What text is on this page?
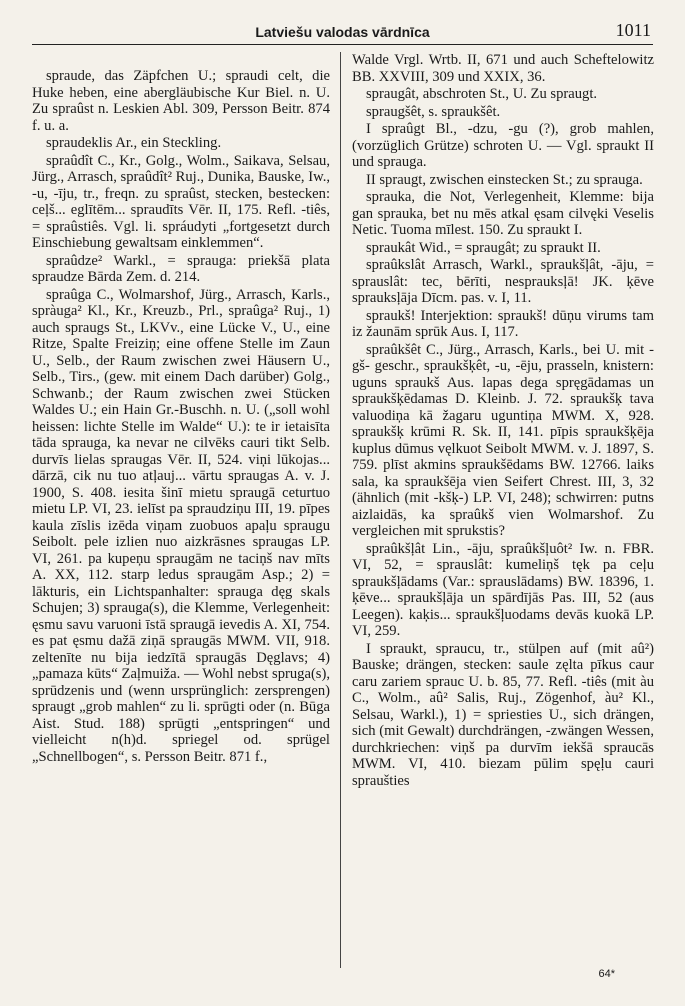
Latviešu valodas vārdnīca	1011

spraude, das Zäpfchen U.; spraudi celt, die Huke heben, eine abergläubische Kur Biel. n. U. Zu spraûst n. Leskien Abl. 309, Persson Beitr. 874 f. u. a.

spraudeklis Ar., ein Steckling.

spraûdît C., Kr., Golg., Wolm., Saikava, Selsau, Jürg., Arrasch, spraûdît² Ruj., Dunika, Bauske, Iw., -u, -īju, tr., freqn. zu spraûst, stecken, bestecken: ceļš... eglītēm... spraudīts Vēr. II, 175. Refl. -tiês, = spraûstiês. Vgl. li. spráudyti „fortgesetzt durch Einschiebung gewaltsam einklemmen“.

spraûdze² Warkl., = sprauga: priekšā plata spraudze Bārda Zem. d. 214.

spraûga C., Wolmarshof, Jürg., Arrasch, Karls., spràuga² Kl., Kr., Kreuzb., Prl., spraûga² Ruj., 1) auch spraugs St., LKVv., eine Lücke V., U., eine Ritze, Spalte Freiziņ; eine offene Stelle im Zaun U., Selb., der Raum zwischen zwei Häusern U., Selb., Tirs., (gew. mit einem Dach darüber) Golg., Schwanb.; der Raum zwischen zwei Stücken Waldes U.; ein Hain Gr.-Buschh. n. U. („soll wohl heissen: lichte Stelle im Walde“ U.): te ir ietaisīta tāda sprauga, ka nevar ne cilvēks cauri tikt Selb. durvīs lielas spraugas Vēr. II, 524. viņi lūkojas... dārzā, cik nu tuo atļauj... vārtu spraugas A. v. J. 1900, S. 408. iesita šinī mietu spraugā ceturtuo mietu LP. VI, 23. ielīst pa spraudziņu III, 19. pīpes kaula zīslis izēda viņam zuobuos apaļu spraugu Seibolt. pele izlien nuo aizkrāsnes spraugas LP. VI, 261. pa kupeņu spraugām ne taciņš nav mīts A. XX, 112. starp ledus spraugām Asp.; 2) = lākturis, ein Lichtspanhalter: sprauga dęg skals Schujen; 3) sprauga(s), die Klemme, Verlegenheit: ęsmu savu varuoni īstā spraugā ievedis A. XI, 754. es pat ęsmu dažā ziņā spraugās MWM. VII, 918. zeltenīte nu bija iedzītā spraugās Dęglavs; 4) „pamaza kūts“ Zaļmuiža. — Wohl nebst spruga(s), sprūdzenis und (wenn ursprünglich: zersprengen) spraugt „grob mahlen“ zu li. sprūgti oder (n. Būga Aist. Stud. 188) sprūgti „entspringen“ und vielleicht n(h)d. spriegel od. sprügel „Schnellbogen“, s. Persson Beitr. 871 f.,

Walde Vrgl. Wrtb. II, 671 und auch Scheftelowitz BB. XXVIII, 309 und XXIX, 36.

spraugât, abschroten St., U. Zu spraugt.

spraugšêt, s. spraukšêt.

I spraûgt Bl., -dzu, -gu (?), grob mahlen, (vorzüglich Grütze) schroten U. — Vgl. spraukt II und sprauga.

II spraugt, zwischen einstecken St.; zu sprauga.

sprauka, die Not, Verlegenheit, Klemme: bija gan sprauka, bet nu mēs atkal ęsam cilvęki Veselis Netic. Tuoma mīlest. 150. Zu spraukt I.

spraukât Wid., = spraugât; zu spraukt II.

spraûkslât Arrasch, Warkl., spraukšļât, -āju, = sprauslât: tec, bērīti, nesprauksļā! JK. ķēve sprauksļāja Dīcm. pas. v. I, 11.

spraukš! Interjektion: spraukš! dūņu virums tam iz žaunām sprūk Aus. I, 117.

spraûkšêt C., Jürg., Arrasch, Karls., bei U. mit -gš- geschr., spraukšķêt, -u, -ēju, prasseln, knistern: uguns spraukš Aus. lapas dega spręgādamas un spraukšķēdamas D. Kleinb. J. 72. spraukšķ tava valuodiņa kā žagaru uguntiņa MWM. X, 928. spraukšķ krūmi R. Sk. II, 141. pīpis spraukšķēja kuplus dūmus vęlkuot Seibolt MWM. v. J. 1897, S. 759. plīst akmins spraukšēdams BW. 12766. laiks sala, ka spraukšēja vien Seifert Chrest. III, 3, 32 (ähnlich (mit -kšķ-) LP. VI, 248); schwirren: putns aizlaidās, ka spraûkš vien Wolmarshof. Zu vergleichen mit sprukstis?

spraûkšļât Lin., -āju, spraûkšļuôt² Iw. n. FBR. VI, 52, = sprauslât: kumeliņš tęk pa ceļu spraukšļādams (Var.: sprauslādams) BW. 18396, 1. ķēve... spraukšļāja un spārdījās Pas. III, 52 (aus Leegen). kaķis... spraukšļuodams devās kuokā LP. VI, 259.

I spraukt, spraucu, tr., stülpen auf (mit aû²) Bauske; drängen, stecken: saule zęlta pīkus caur caru zariem sprauc U. b. 85, 77. Refl. -tiês (mit àu C., Wolm., aû² Salis, Ruj., Zögenhof, àu² Kl., Selsau, Warkl.), 1) = spriesties U., sich drängen, sich (mit Gewalt) durchdrängen, -zwängen Wessen, durchkriechen: viņš pa durvīm iekšā spraucās MWM. VI, 410. biezam pūlim spęḷu cauri spraušties

64*
